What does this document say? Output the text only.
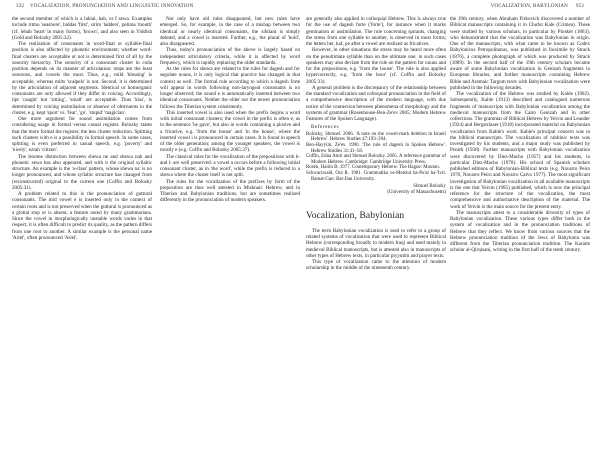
332 VOCALIZATION, PRONUNCIATION AND LINGUISTIC INNOVATION	VOCALIZATION, BABYLONIAN 953

the second member of which is a labial, hab, or f sewa. Examples include ritmo 'seashore', hiddas 'first', sirim 'ladders', pelima 'mouth' (cf. lebab 'heart' in many forms), 'brown', and also seen in Yiddish (Gold and Bolozky 2005:32).

The realization of consonants in word-final or syllable-final position is also affected by phonetic environment; whether word-final clusters are acceptable or not is determined first of all by the sonority hierarchy. The sonority of a consonant cluster in coda position depends on its manner of articulation: stops are the least sonorous, and vowels the most. Thus, e.g., mild 'blessing' is acceptable, whereas milts 'scalpels' is not. Second, it is determined by the articulation of adjacent segments. Identical or homorganic consonants are only allowed if they differ in voicing. Accordingly, tipt 'caught' but 'sitting', 'small' are acceptable. Thus 'kiss', is determined by voicing assimilation or absence of obstruents in the cluster, e.g. kept 'sport' vs. 'fear', 'go', 'stupid' 'magician'.

One more argument for sound assimilation comes from considering usage in formal versus casual register. Bolozky states that the more formal the register, the less cluster reduction. Splitting such clusters with e is a possibility in formal speech. In some cases, splitting is even preferred in casual speech, e.g. 'poverty' and 'nicely', ezrah 'citizen'.

The lexeme distinction between shewa ne and shewa nah and phonetic sewa has also appeared, and with it the original syllabic structure. An example is the 'a-class' pattern, whose shewa na' is no longer pronounced, and whose syllabic structure has changed from (reconstructed) original to the current one (Coffin and Bolozky 2005:31).

A problem related to this is the pronunciation of guttural consonants. The mid vowel e is inserted only in the context of certain roots and is not preserved when the guttural is pronounced as a glottal stop or is absent, a feature noted by many grammarians. Since the vowel in morphologically unstable words varies in that respect, it is often difficult to predict its quality, as the pattern differs from one root to another. A similar example is the personal name 'Ariel', often pronounced 'Ariel'.

Not only have old rules disappeared, but new rules have emerged. So, for example, in the case of a mishap between two identical or nearly identical consonants, the sibilant is simply deleted, and a vowel is inserted. Further, e.g., the plural of 'hold', also disappeared.

Thus, today's pronunciation of the above is largely based on independent articulatory criteria, while it is affected by word frequency, which is rapidly replacing the older standards.

As the rules for shewa are related to the rules for dagesh and for segolate nouns, it is only logical that practice has changed in that context as well. The formal rule according to which a dagesh forte will appear in words following non-laryngeal consonants is no longer observed; the sound e is automatically inserted between two identical consonants. Neither the older nor the newer pronunciation follows the Tiberian system consistently.

This inserted vowel is also used when the prefix begins a word with initial consonant clusters; the vowel in the prefix is often e, as in the sentence 'he gave', but also in words containing a plosive and a fricative, e.g. 'from the house' and 'in the house', where the inserted vowel i is pronounced in certain cases. It is found in speech of the older generation; among the younger speakers, the vowel is mostly e (e.g. Coffin and Bolozky 2005:37).

The classical rules for the vocalization of the prepositions with b- and l- are well preserved: a vowel a occurs before a following initial consonant cluster, as in 'the word', while the prefix is reduced to a shewa where the cluster itself is not split.

The rules for the vocalization of the prefixes by form of the preposition are thus well attested in Mishnaic Hebrew, and in Tiberian and Babylonian traditions, but are sometimes realized differently in the pronunciation of modern speakers.

are generally also applied in colloquial Hebrew. This is always true for the use of dagesh forte ('forte'), for instance when it marks gemination or assimilation. The rule concerning spirants, changing the stress from one syllable to another, is observed in most forms; the letters bet, kaf, pe after a vowel are realized as fricatives.

However, in other situations the stress may be heard more often on the penultimate syllable than on the ultimate one; in such cases speakers may also deviate from the rule on the pattern for nouns and for the prepositions, e.g. 'from the house'. The rule is also applied hypercorrectly, e.g. 'from the hour' (cf. Coffin and Bolozky 2005:33).

A general problem is the discrepancy of the relationship between the standard vocalization and colloquial pronunciation in the field of a comprehensive description of the modern language, with due notice of the connection between phenomena of morphology and the systems of grammar (Rosenhouse-Ben-Ze'ev 2005; Modern Hebrew Features of the Spoken Language).

References

Bolozky, Shmuel. 2006. 'A note on the vowel-mark deletion in Israeli Hebrew'. Hebrew Studies 47:193–204.

Ben-Hayyim, Ze'ev. 1990. 'The rule of dagesh in Spoken Hebrew'. Hebrew Studies 31:41–58.

Coffin, Edna Amir and Shmuel Bolozky. 2005. A reference grammar of Modern Hebrew. Cambridge: Cambridge University Press.

Rosén, Haiim B. 1977. Contemporary Hebrew. The Hague: Mouton.

Schwarzwald, Ora R. 1981. Grammatika ve-Metsiut ba-Po'al ha-'Ivri. Ramat-Gan: Bar-Ilan University.

Shmuel Bolozky
(University of Massachusetts)
Vocalization, Babylonian

The term Babylonian vocalization is used to refer to a group of related systems of vocalization that were used to represent Biblical Hebrew (corresponding broadly to modern Iraq) and used mainly in medieval Biblical manuscripts, but is attested also in manuscripts of other types of Hebrew texts, in particular piyyutim and prayer texts.

This type of vocalization came to the attention of modern scholarship in the middle of the nineteenth century.

the 19th century, when Abraham Firkovich discovered a number of Biblical manuscripts containing it in Chufut Kale (Crimea). These were studied by various scholars, in particular by Pinsker (1863), who demonstrated that the vocalization was Babylonian in origin. One of the manuscripts, with what came to be known as Codex Babylonicus Petropolitanus, was published in facsimile by Strack (1876), a complete photograph of which was produced by Strack (1889). In the second half of the 19th century scholars became aware of some Babylonian vocalization in Genizah fragments in European libraries, and further manuscripts containing Hebrew Bible and Aramaic Targum texts with Babylonian vocalization were published in the following decades.

The vocalization of the Hebrew was studied by Kahle (1902). Subsequently, Kahle (1913) described and catalogued numerous fragments of manuscripts with Babylonian vocalization among the medieval manuscripts from the Cairo Genizah and in other collections. The grammar of Biblical Hebrew by Yeivin and Leander (1924) and Bergsträsser (1918) incorporated material on Babylonian vocalization from Kahle's work. Kahle's principal concern was in the biblical manuscripts. The vocalization of rabbinic texts was investigated by his students, and a major study was published by Porath (1938). Further manuscripts with Babylonian vocalization were discovered by Diez-Macho (1957) and his students, in particular Diez-Macho (1970). His school of Spanish scholars published editions of Babylonian-Biblical texts (e.g. Navarro Peiro 1976, Navarro Peiro and Navarro Calvo 1977). The most significant investigation of Babylonian vocalization in all available manuscripts is the one that Yeivin (1985) published, which is now the principal reference for the structure of the vocalization, the most comprehensive and authoritative description of the material. The work of Yeivin is the main source for the present entry.

The manuscripts attest to a considerable diversity of types of Babylonian vocalization. These various types differ both in the system of vocalization and in the pronunciation traditions of Hebrew that they reflect. We know from various sources that the Hebrew pronunciation tradition of the Jews of Babylonia was different from the Tiberian pronunciation tradition. The Karaite scholar al-Qirqisani, writing in the first half of the tenth century.
